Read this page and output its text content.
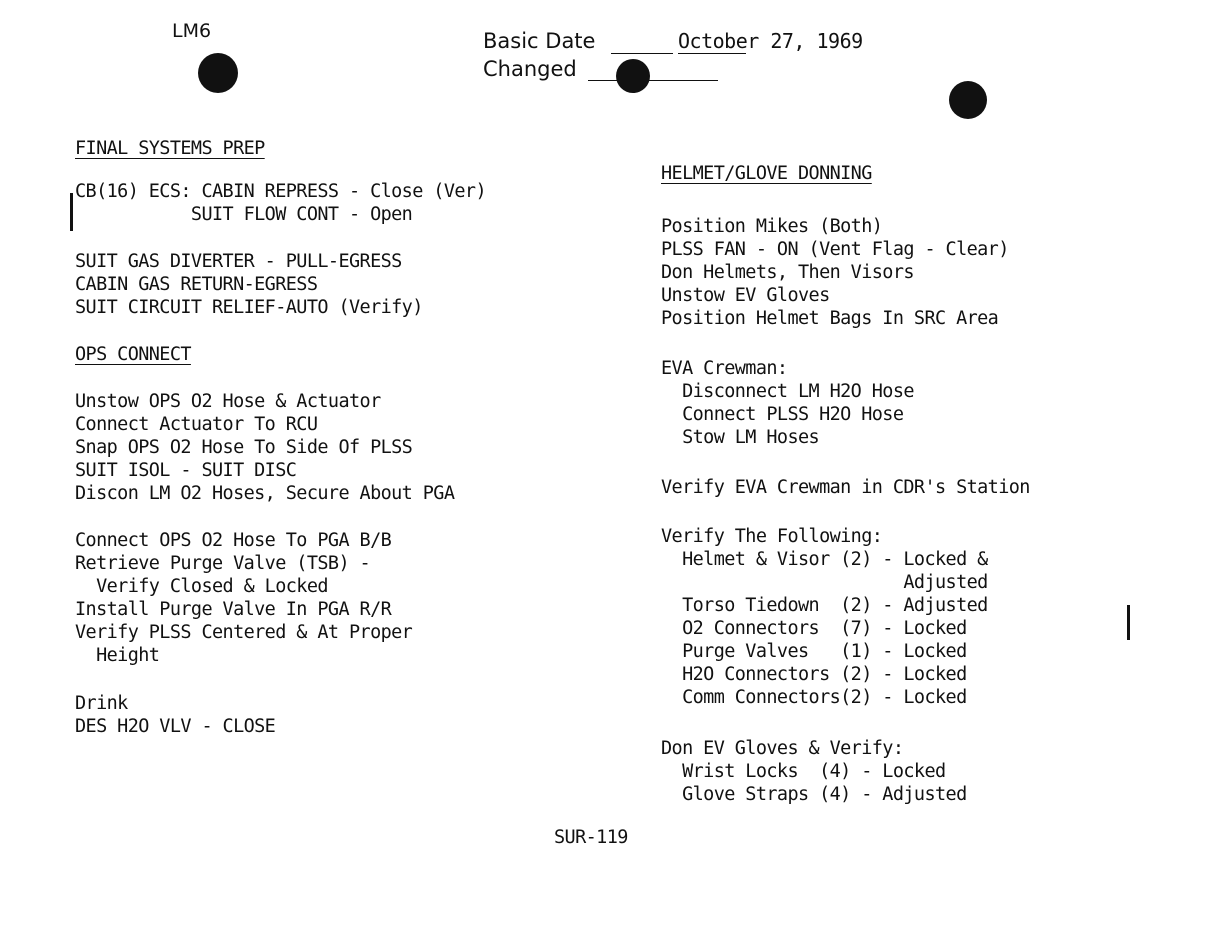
LM6	Basic Date	October 27, 1969
Changed
FINAL SYSTEMS PREP
CB(16) ECS: CABIN REPRESS - Close (Ver)
SUIT FLOW CONT - Open
SUIT GAS DIVERTER - PULL-EGRESS
CABIN GAS RETURN-EGRESS
SUIT CIRCUIT RELIEF-AUTO (Verify)
OPS CONNECT
Unstow OPS O2 Hose & Actuator
Connect Actuator To RCU
Snap OPS O2 Hose To Side Of PLSS
SUIT ISOL - SUIT DISC
Discon LM O2 Hoses, Secure About PGA
Connect OPS O2 Hose To PGA B/B
Retrieve Purge Valve (TSB) -
Verify Closed & Locked
Install Purge Valve In PGA R/R
Verify PLSS Centered & At Proper
Height
Drink
DES H2O VLV - CLOSE
HELMET/GLOVE DONNING
Position Mikes (Both)
PLSS FAN - ON (Vent Flag - Clear)
Don Helmets, Then Visors
Unstow EV Gloves
Position Helmet Bags In SRC Area
EVA Crewman:
Disconnect LM H2O Hose
Connect PLSS H2O Hose
Stow LM Hoses
Verify EVA Crewman in CDR's Station
Verify The Following:
Helmet & Visor (2) - Locked &
Adjusted
Torso Tiedown  (2) - Adjusted
O2 Connectors  (7) - Locked
Purge Valves   (1) - Locked
H2O Connectors (2) - Locked
Comm Connectors(2) - Locked
Don EV Gloves & Verify:
Wrist Locks  (4) - Locked
Glove Straps (4) - Adjusted
SUR-119
